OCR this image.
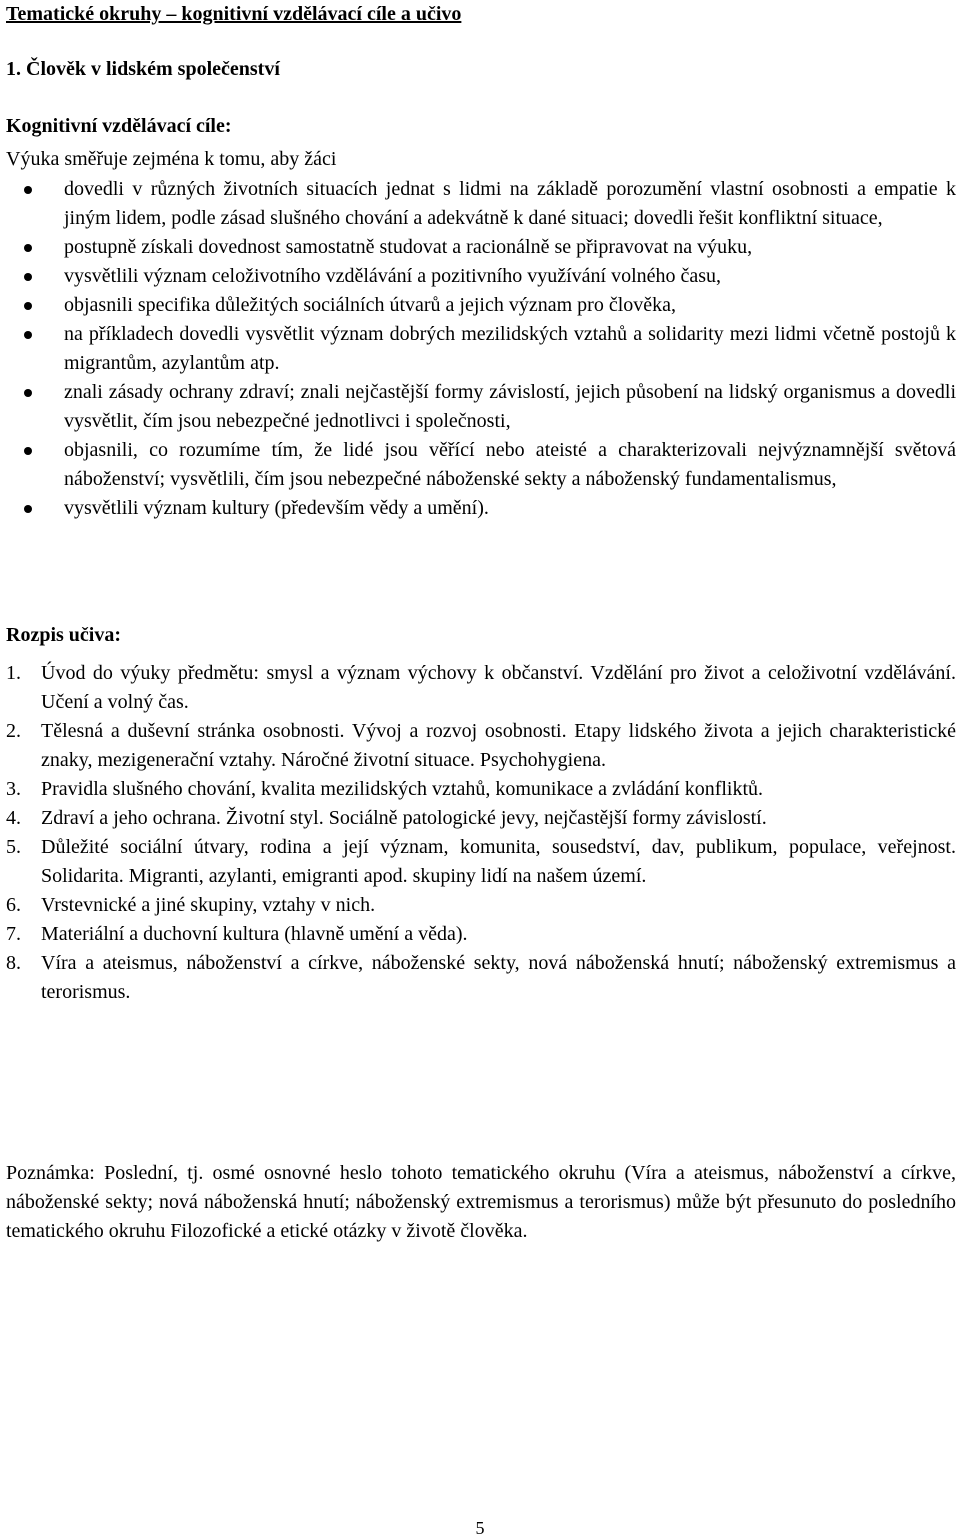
Tematické okruhy – kognitivní vzdělávací cíle a učivo
1. Člověk v lidském společenství
Kognitivní vzdělávací cíle:
Výuka směřuje zejména k tomu, aby žáci
dovedli v různých životních situacích jednat s lidmi na základě porozumění vlastní osobnosti a empatie k jiným lidem, podle zásad slušného chování a adekvátně k dané situaci; dovedli řešit konfliktní situace,
postupně získali dovednost samostatně studovat a racionálně se připravovat na výuku,
vysvětlili význam celoživotního vzdělávání a pozitivního využívání volného času,
objasnili specifika důležitých sociálních útvarů a jejich význam pro člověka,
na příkladech dovedli vysvětlit význam dobrých mezilidských vztahů a solidarity mezi lidmi včetně postojů k migrantům, azylantům atp.
znali zásady ochrany zdraví; znali nejčastější formy závislostí, jejich působení na lidský organismus a dovedli vysvětlit, čím jsou nebezpečné jednotlivci i společnosti,
objasnili, co rozumíme tím, že lidé jsou věřící nebo ateisté a charakterizovali nejvýznamnější světová náboženství; vysvětlili, čím jsou nebezpečné náboženské sekty a náboženský fundamentalismus,
vysvětlili význam kultury (především vědy a umění).
Rozpis učiva:
1. Úvod do výuky předmětu: smysl a význam výchovy k občanství. Vzdělání pro život a celoživotní vzdělávání. Učení a volný čas.
2. Tělesná a duševní stránka osobnosti. Vývoj a rozvoj osobnosti. Etapy lidského života a jejich charakteristické znaky, mezigenerační vztahy. Náročné životní situace. Psychohygiena.
3. Pravidla slušného chování, kvalita mezilidských vztahů, komunikace a zvládání konfliktů.
4. Zdraví a jeho ochrana. Životní styl. Sociálně patologické jevy, nejčastější formy závislostí.
5. Důležité sociální útvary, rodina a její význam, komunita, sousedství, dav, publikum, populace, veřejnost. Solidarita. Migranti, azylanti, emigranti apod. skupiny lidí na našem území.
6. Vrstevnické a jiné skupiny, vztahy v nich.
7. Materiální a duchovní kultura (hlavně umění a věda).
8. Víra a ateismus, náboženství a církve, náboženské sekty, nová náboženská hnutí; náboženský extremismus a terorismus.
Poznámka: Poslední, tj. osmé osnovné heslo tohoto tematického okruhu (Víra a ateismus, náboženství a církve, náboženské sekty; nová náboženská hnutí; náboženský extremismus a terorismus) může být přesunuto do posledního tematického okruhu Filozofické a etické otázky v životě člověka.
5
